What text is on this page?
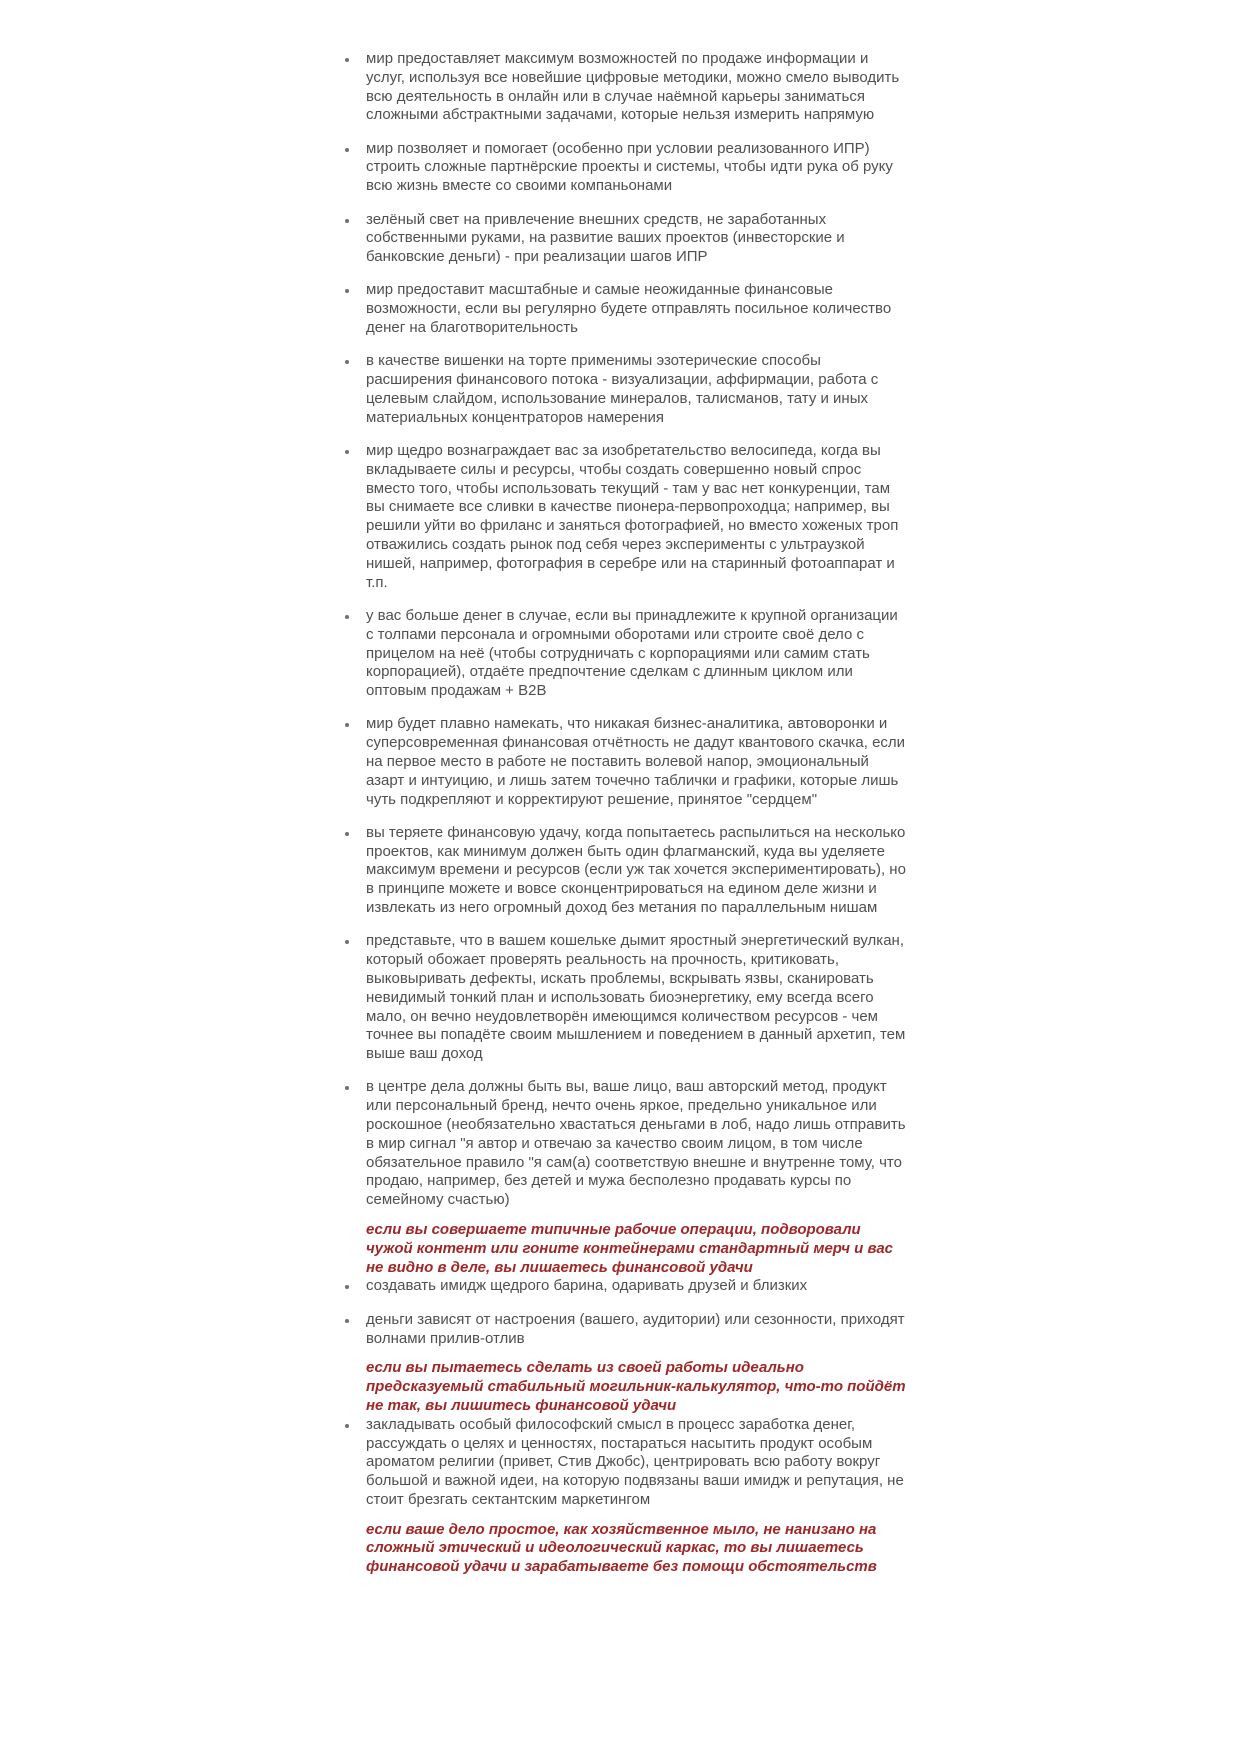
мир предоставляет максимум возможностей по продаже информации и услуг, используя все новейшие цифровые методики, можно смело выводить всю деятельность в онлайн или в случае наёмной карьеры заниматься сложными абстрактными задачами, которые нельзя измерить напрямую
мир позволяет и помогает (особенно при условии реализованного ИПР) строить сложные партнёрские проекты и системы, чтобы идти рука об руку всю жизнь вместе со своими компаньонами
зелёный свет на привлечение внешних средств, не заработанных собственными руками, на развитие ваших проектов (инвесторские и банковские деньги) - при реализации шагов ИПР
мир предоставит масштабные и самые неожиданные финансовые возможности, если вы регулярно будете отправлять посильное количество денег на благотворительность
в качестве вишенки на торте применимы эзотерические способы расширения финансового потока - визуализации, аффирмации, работа с целевым слайдом, использование минералов, талисманов, тату и иных материальных концентраторов намерения
мир щедро вознаграждает вас за изобретательство велосипеда, когда вы вкладываете силы и ресурсы, чтобы создать совершенно новый спрос вместо того, чтобы использовать текущий - там у вас нет конкуренции, там вы снимаете все сливки в качестве пионера-первопроходца; например, вы решили уйти во фриланс и заняться фотографией, но вместо хоженых троп отважились создать рынок под себя через эксперименты с ультраузкой нишей, например, фотография в серебре или на старинный фотоаппарат и т.п.
у вас больше денег в случае, если вы принадлежите к крупной организации с толпами персонала и огромными оборотами или строите своё дело с прицелом на неё (чтобы сотрудничать с корпорациями или самим стать корпорацией), отдаёте предпочтение сделкам с длинным циклом или оптовым продажам + B2B
мир будет плавно намекать, что никакая бизнес-аналитика, автоворонки и суперсовременная финансовая отчётность не дадут квантового скачка, если на первое место в работе не поставить волевой напор, эмоциональный азарт и интуицию, и лишь затем точечно таблички и графики, которые лишь чуть подкрепляют и корректируют решение, принятое "сердцем"
вы теряете финансовую удачу, когда попытаетесь распылиться на несколько проектов, как минимум должен быть один флагманский, куда вы уделяете максимум времени и ресурсов (если уж так хочется экспериментировать), но в принципе можете и вовсе сконцентрироваться на едином деле жизни и извлекать из него огромный доход без метания по параллельным нишам
представьте, что в вашем кошельке дымит яростный энергетический вулкан, который обожает проверять реальность на прочность, критиковать, выковыривать дефекты, искать проблемы, вскрывать язвы, сканировать невидимый тонкий план и использовать биоэнергетику, ему всегда всего мало, он вечно неудовлетворён имеющимся количеством ресурсов - чем точнее вы попадёте своим мышлением и поведением в данный архетип, тем выше ваш доход
в центре дела должны быть вы, ваше лицо, ваш авторский метод, продукт или персональный бренд, нечто очень яркое, предельно уникальное или роскошное (необязательно хвастаться деньгами в лоб, надо лишь отправить в мир сигнал "я автор и отвечаю за качество своим лицом, в том числе обязательное правило "я сам(а) соответствую внешне и внутренне тому, что продаю, например, без детей и мужа бесполезно продавать курсы по семейному счастью)
если вы совершаете типичные рабочие операции, подворовали чужой контент или гоните контейнерами стандартный мерч и вас не видно в деле, вы лишаетесь финансовой удачи
создавать имидж щедрого барина, одаривать друзей и близких
деньги зависят от настроения (вашего, аудитории) или сезонности, приходят волнами прилив-отлив
если вы пытаетесь сделать из своей работы идеально предсказуемый стабильный могильник-калькулятор, что-то пойдёт не так, вы лишитесь финансовой удачи
закладывать особый философский смысл в процесс заработка денег, рассуждать о целях и ценностях, постараться насытить продукт особым ароматом религии (привет, Стив Джобс), центрировать всю работу вокруг большой и важной идеи, на которую подвязаны ваши имидж и репутация, не стоит брезгать сектантским маркетингом
если ваше дело простое, как хозяйственное мыло, не нанизано на сложный этический и идеологический каркас, то вы лишаетесь финансовой удачи и зарабатываете без помощи обстоятельств
